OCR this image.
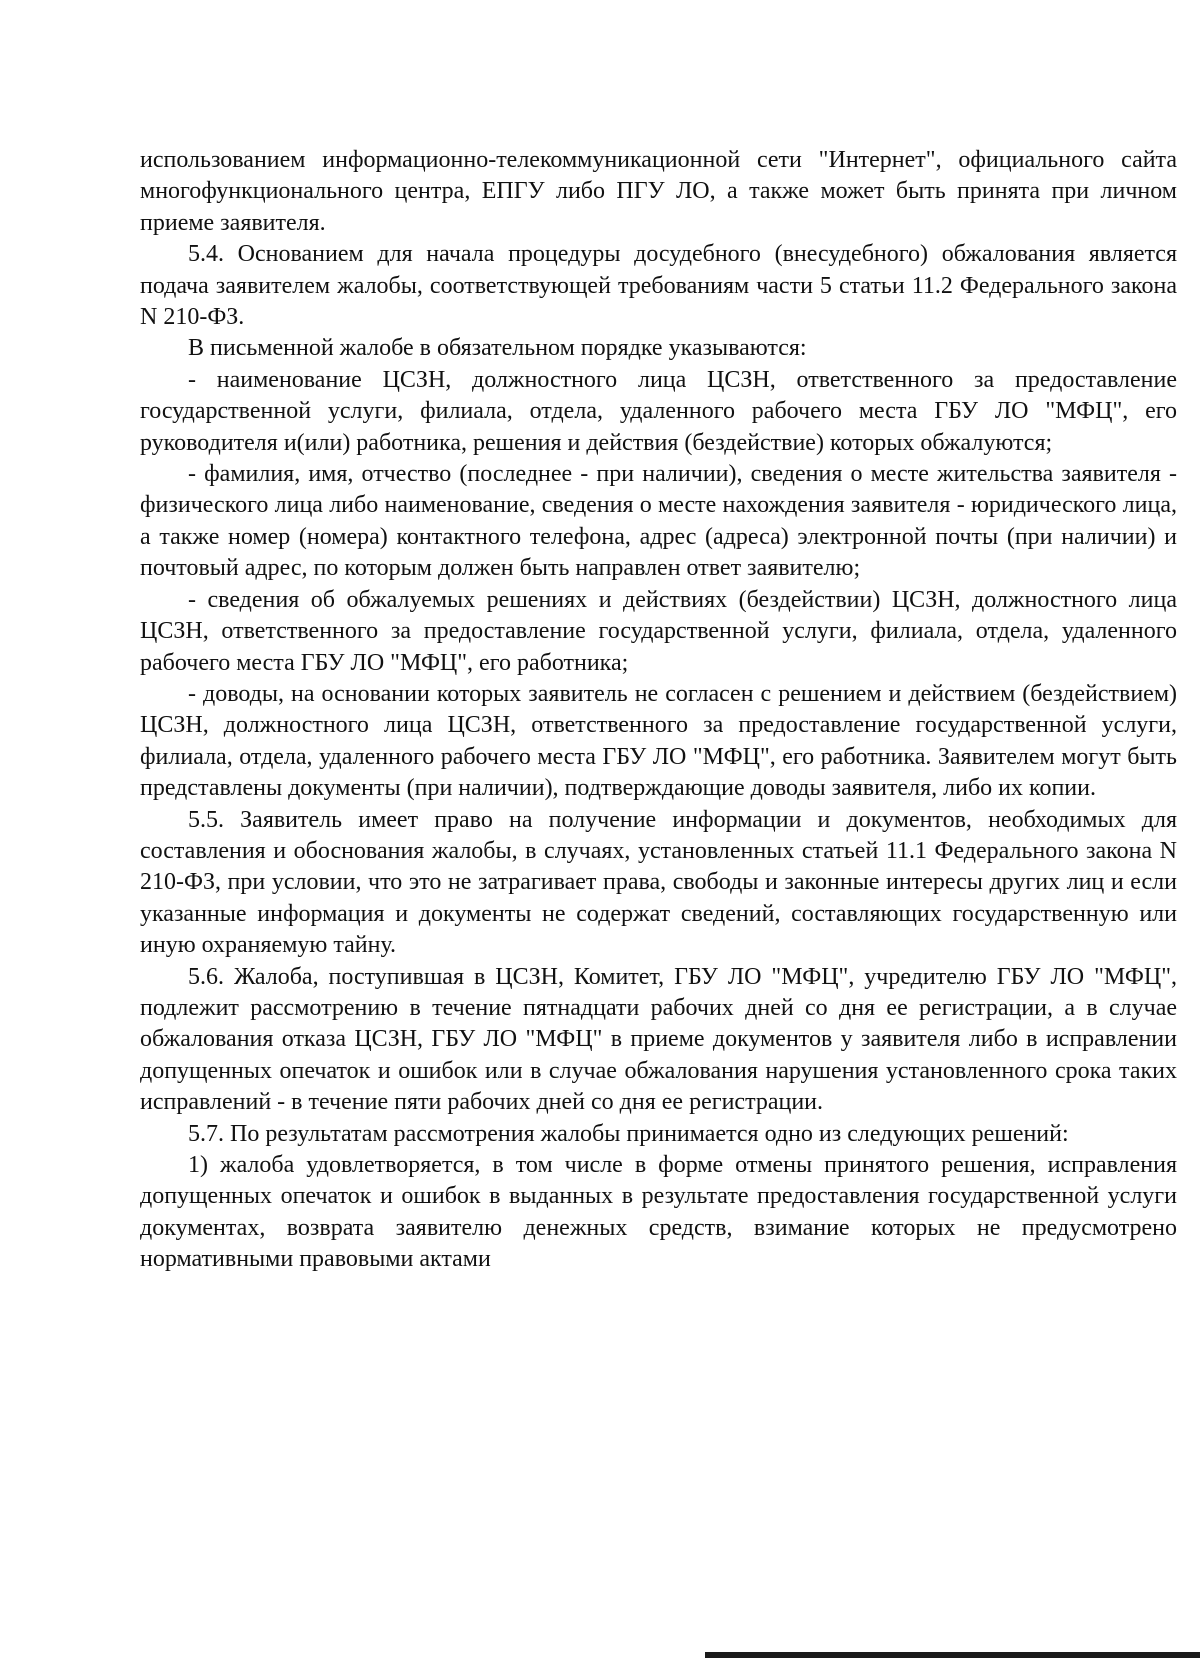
использованием информационно-телекоммуникационной сети "Интернет", официального сайта многофункционального центра, ЕПГУ либо ПГУ ЛО, а также может быть принята при личном приеме заявителя.

5.4. Основанием для начала процедуры досудебного (внесудебного) обжалования является подача заявителем жалобы, соответствующей требованиям части 5 статьи 11.2 Федерального закона N 210-ФЗ.

В письменной жалобе в обязательном порядке указываются:

- наименование ЦСЗН, должностного лица ЦСЗН, ответственного за предоставление государственной услуги, филиала, отдела, удаленного рабочего места ГБУ ЛО "МФЦ", его руководителя и(или) работника, решения и действия (бездействие) которых обжалуются;

- фамилия, имя, отчество (последнее - при наличии), сведения о месте жительства заявителя - физического лица либо наименование, сведения о месте нахождения заявителя - юридического лица, а также номер (номера) контактного телефона, адрес (адреса) электронной почты (при наличии) и почтовый адрес, по которым должен быть направлен ответ заявителю;

- сведения об обжалуемых решениях и действиях (бездействии) ЦСЗН, должностного лица ЦСЗН, ответственного за предоставление государственной услуги, филиала, отдела, удаленного рабочего места ГБУ ЛО "МФЦ", его работника;

- доводы, на основании которых заявитель не согласен с решением и действием (бездействием) ЦСЗН, должностного лица ЦСЗН, ответственного за предоставление государственной услуги, филиала, отдела, удаленного рабочего места ГБУ ЛО "МФЦ", его работника. Заявителем могут быть представлены документы (при наличии), подтверждающие доводы заявителя, либо их копии.

5.5. Заявитель имеет право на получение информации и документов, необходимых для составления и обоснования жалобы, в случаях, установленных статьей 11.1 Федерального закона N 210-ФЗ, при условии, что это не затрагивает права, свободы и законные интересы других лиц и если указанные информация и документы не содержат сведений, составляющих государственную или иную охраняемую тайну.

5.6. Жалоба, поступившая в ЦСЗН, Комитет, ГБУ ЛО "МФЦ", учредителю ГБУ ЛО "МФЦ", подлежит рассмотрению в течение пятнадцати рабочих дней со дня ее регистрации, а в случае обжалования отказа ЦСЗН, ГБУ ЛО "МФЦ" в приеме документов у заявителя либо в исправлении допущенных опечаток и ошибок или в случае обжалования нарушения установленного срока таких исправлений - в течение пяти рабочих дней со дня ее регистрации.

5.7. По результатам рассмотрения жалобы принимается одно из следующих решений:

1) жалоба удовлетворяется, в том числе в форме отмены принятого решения, исправления допущенных опечаток и ошибок в выданных в результате предоставления государственной услуги документах, возврата заявителю денежных средств, взимание которых не предусмотрено нормативными правовыми актами
